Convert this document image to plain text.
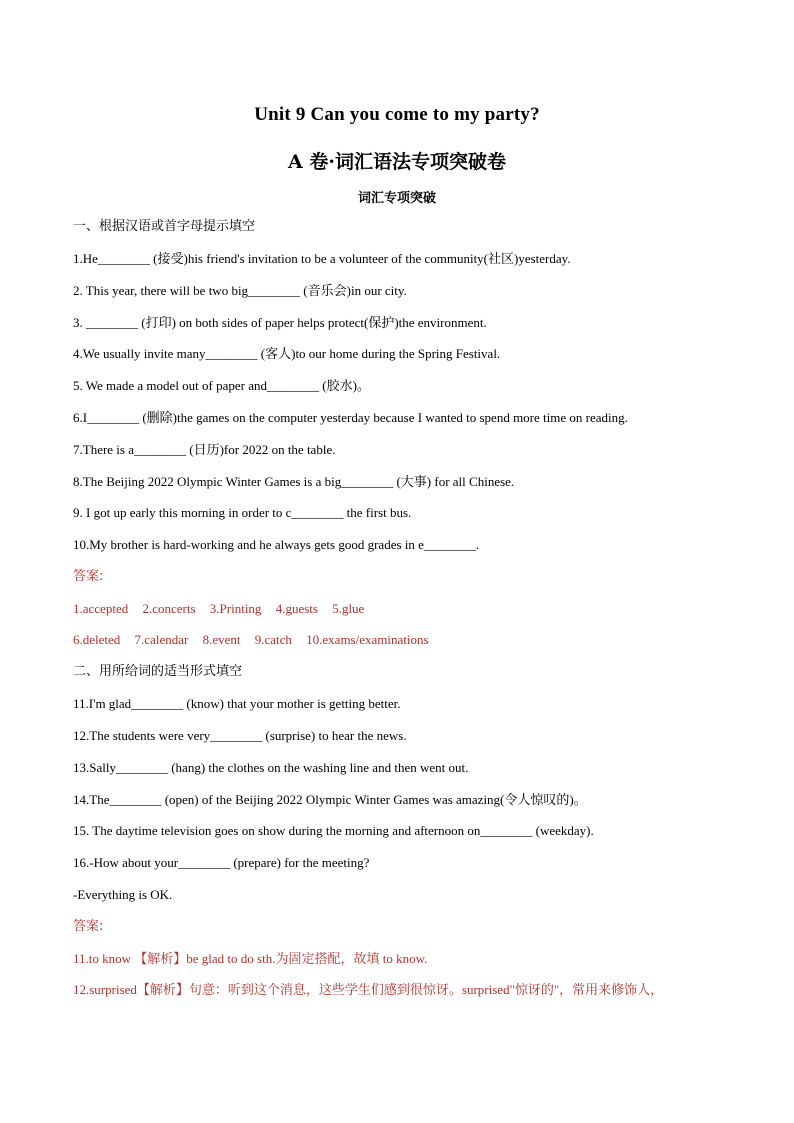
Unit 9 Can you come to my party?
A 卷·词汇语法专项突破卷
词汇专项突破
一、根据汉语或首字母提示填空
1.He________ (接受)his friend's invitation to be a volunteer of the community(社区)yesterday.
2. This year, there will be two big________ (音乐会)in our city.
3. ________ (打印) on both sides of paper helps protect(保护)the environment.
4.We usually invite many________ (客人)to our home during the Spring Festival.
5. We made a model out of paper and________ (胶水)。
6.I________ (删除)the games on the computer yesterday because I wanted to spend more time on reading.
7.There is a________ (日历)for 2022 on the table.
8.The Beijing 2022 Olympic Winter Games is a big________ (大事) for all Chinese.
9. I got up early this morning in order to c________ the first bus.
10.My brother is hard-working and he always gets good grades in e________.
答案:
1.accepted 2.concerts 3.Printing 4.guests 5.glue
6.deleted 7.calendar 8.event 9.catch 10.exams/examinations
二、用所给词的适当形式填空
11.I'm glad________ (know) that your mother is getting better.
12.The students were very________ (surprise) to hear the news.
13.Sally________ (hang) the clothes on the washing line and then went out.
14.The________ (open) of the Beijing 2022 Olympic Winter Games was amazing(令人惊叹的)。
15. The daytime television goes on show during the morning and afternoon on________ (weekday).
16.-How about your________ (prepare) for the meeting?
-Everything is OK.
答案:
11.to know 【解析】be glad to do sth.为固定搭配，故填 to know.
12.surprised【解析】句意：听到这个消息，这些学生们感到很惊讶。surprised"惊讶的"，常用来修饰人，
